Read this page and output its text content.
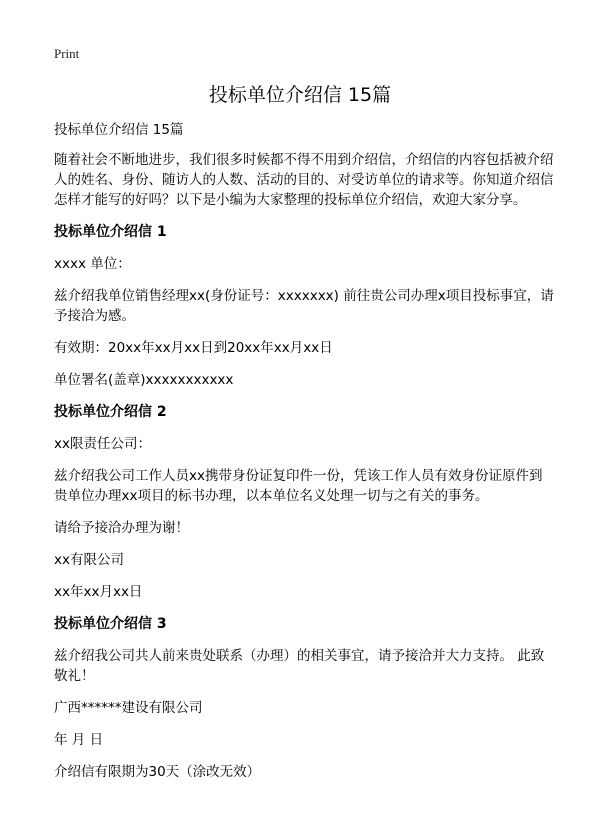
Print
投标单位介绍信 15篇

投标单位介绍信 15篇

随着社会不断地进步，我们很多时候都不得不用到介绍信，介绍信的内容包括被介绍人的姓名、身份、随访人的人数、活动的目的、对受访单位的请求等。你知道介绍信怎样才能写的好吗？以下是小编为大家整理的投标单位介绍信，欢迎大家分享。

投标单位介绍信 1

xxxx 单位：

兹介绍我单位销售经理xx(身份证号：xxxxxxx) 前往贵公司办理x项目投标事宜，请予接洽为感。

有效期：20xx年xx月xx日到20xx年xx月xx日

单位署名(盖章)xxxxxxxxxxx

投标单位介绍信 2

xx限责任公司：

兹介绍我公司工作人员xx携带身份证复印件一份，凭该工作人员有效身份证原件到贵单位办理xx项目的标书办理，以本单位名义处理一切与之有关的事务。

请给予接洽办理为谢！

xx有限公司

xx年xx月xx日

投标单位介绍信 3

兹介绍我公司共人前来贵处联系（办理）的相关事宜，请予接洽并大力支持。 此致 敬礼！

广西******建设有限公司

年 月 日

介绍信有限期为30天（涂改无效）
